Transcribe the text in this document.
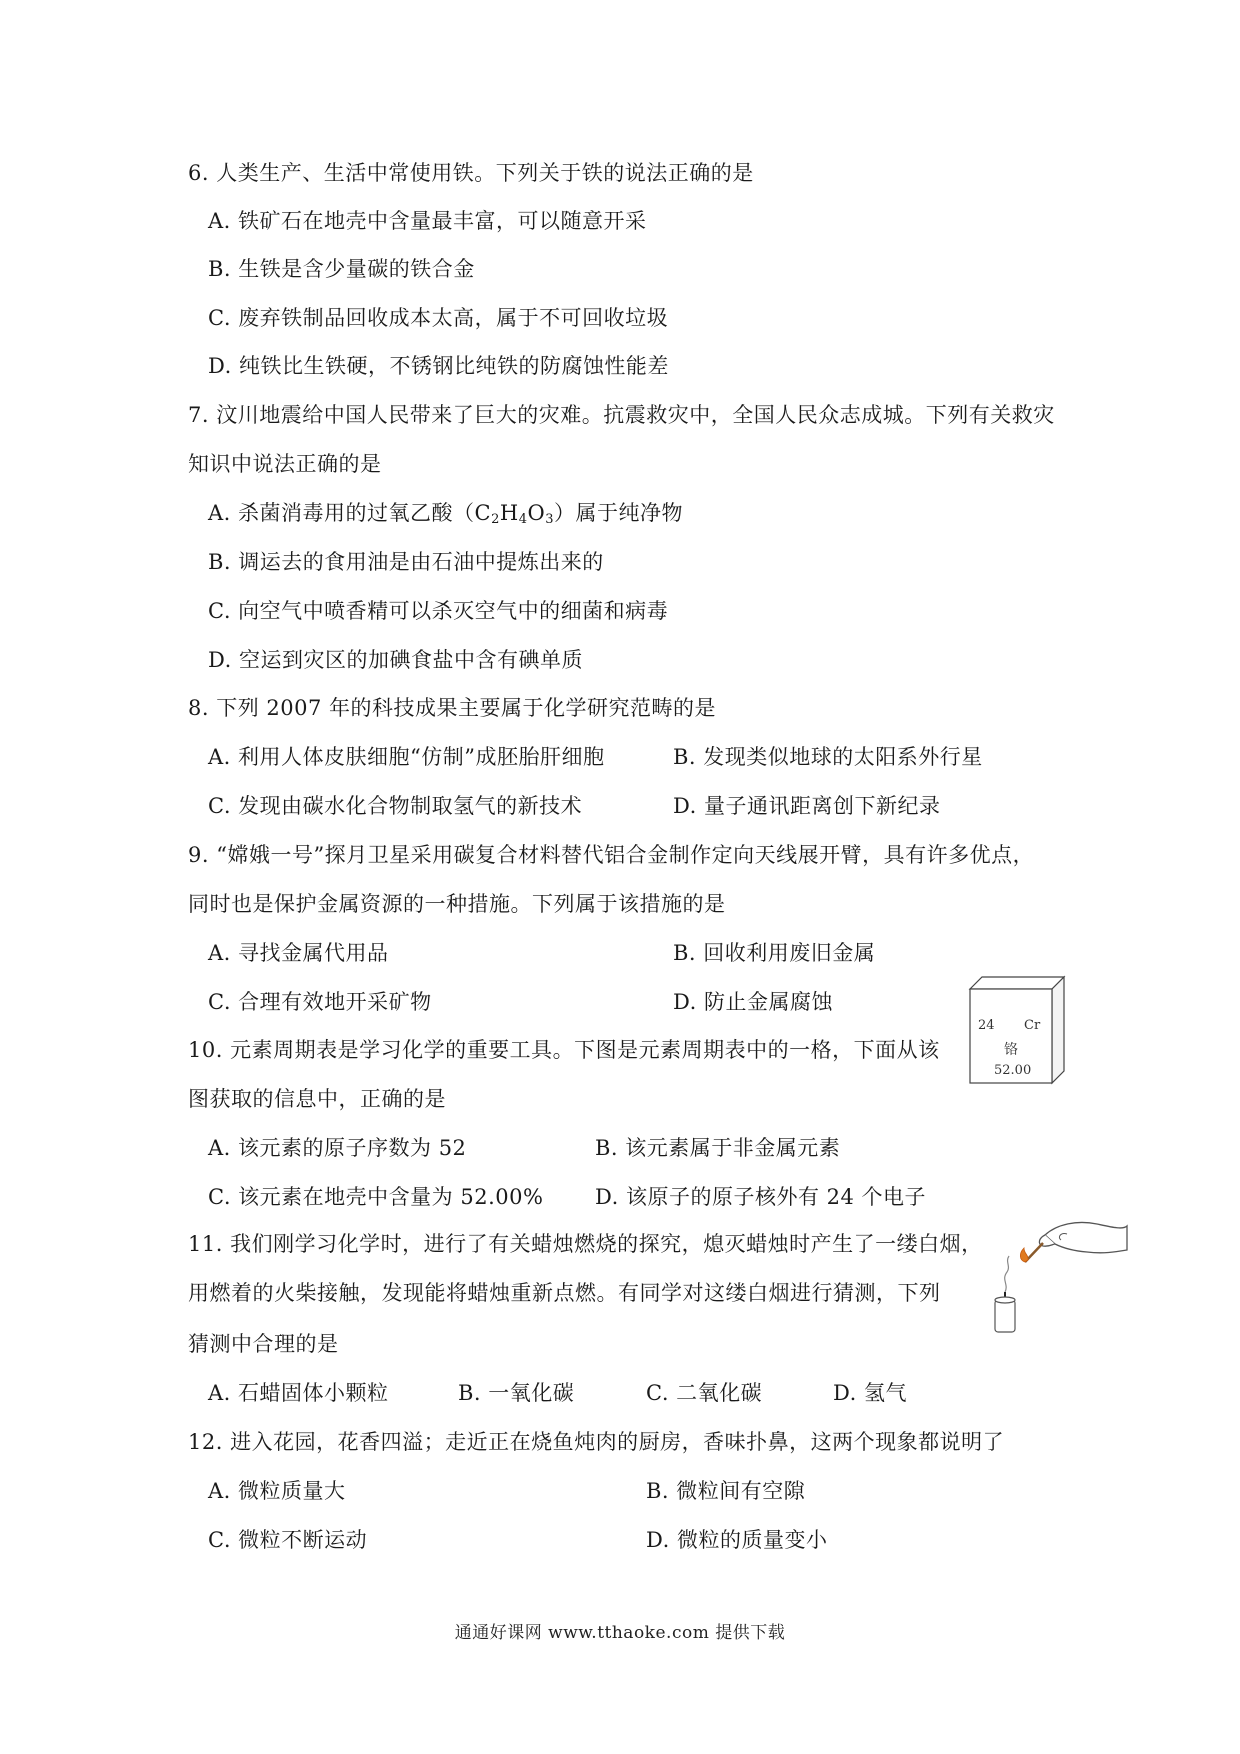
6. 人类生产、生活中常使用铁。下列关于铁的说法正确的是
A. 铁矿石在地壳中含量最丰富，可以随意开采
B. 生铁是含少量碳的铁合金
C. 废弃铁制品回收成本太高，属于不可回收垃圾
D. 纯铁比生铁硬，不锈钢比纯铁的防腐蚀性能差
7. 汶川地震给中国人民带来了巨大的灾难。抗震救灾中，全国人民众志成城。下列有关救灾
知识中说法正确的是
A. 杀菌消毒用的过氧乙酸$(C_2H_4O_3)$属于纯净物
B. 调运去的食用油是由石油中提炼出来的
C. 向空气中喷香精可以杀灭空气中的细菌和病毒
D. 空运到灾区的加碘食盐中含有碘单质
8. 下列 2007 年的科技成果主要属于化学研究范畴的是
A. 利用人体皮肤细胞“仿制”成胚胎肝细胞	B. 发现类似地球的太阳系外行星
C. 发现由碳水化合物制取氢气的新技术	D. 量子通讯距离创下新纪录
9. “嫦娥一号”探月卫星采用碳复合材料替代铝合金制作定向天线展开臂，具有许多优点，
同时也是保护金属资源的一种措施。下列属于该措施的是
A. 寻找金属代用品	B. 回收利用废旧金属
C. 合理有效地开采矿物	D. 防止金属腐蚀
24 Cr
铬
52.00
10. 元素周期表是学习化学的重要工具。下图是元素周期表中的一格，下面从该
图获取的信息中，正确的是
A. 该元素的原子序数为 52	B. 该元素属于非金属元素
C. 该元素在地壳中含量为 52.00% D. 该原子的原子核外有 24 个电子
11. 我们刚学习化学时，进行了有关蜡烛燃烧的探究，熄灭蜡烛时产生了一缕白烟，
用燃着的火柴接触，发现能将蜡烛重新点燃。有同学对这缕白烟进行猜测，下列
猜测中合理的是
A. 石蜡固体小颗粒	B. 一氧化碳	C. 二氧化碳	D. 氢气
12. 进入花园，花香四溢；走近正在烧鱼炖肉的厨房，香味扑鼻，这两个现象都说明了
A. 微粒质量大	B. 微粒间有空隙
C. 微粒不断运动	D. 微粒的质量变小
通通好课网 www.tthaoke.com 提供下载
